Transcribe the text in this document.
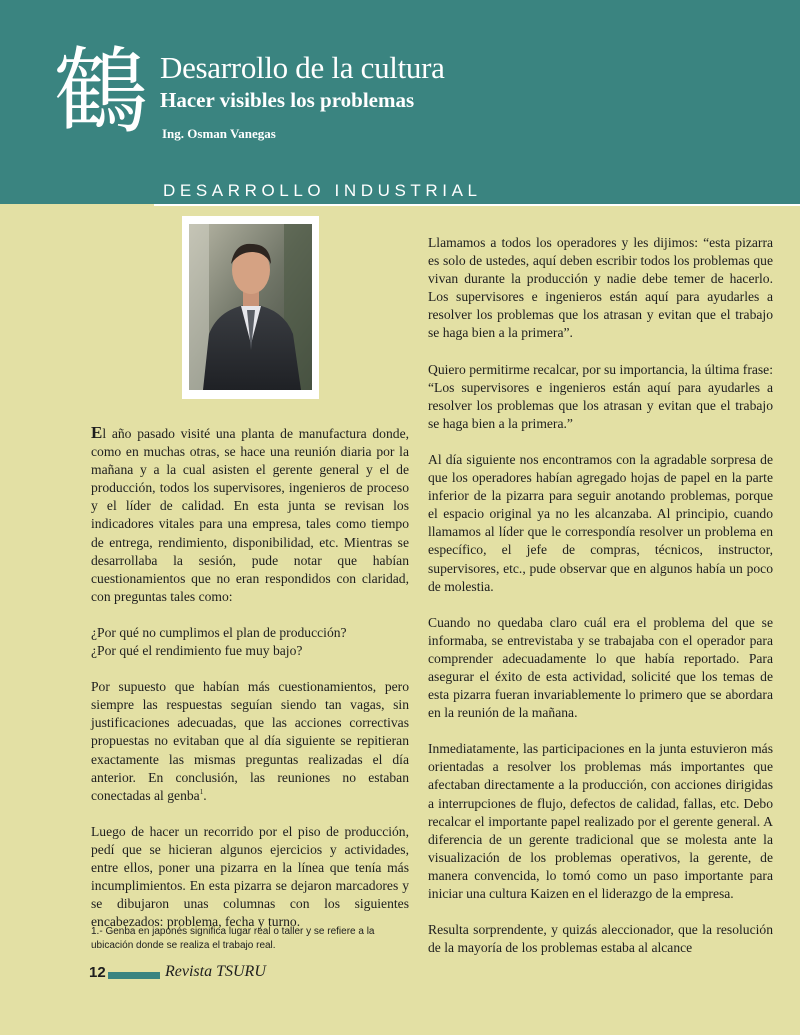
鶴 Desarrollo de la cultura
Hacer visibles los problemas
Ing. Osman Vanegas
DESARROLLO INDUSTRIAL

El año pasado visité una planta de manufactura donde, como en muchas otras, se hace una reunión diaria por la mañana y a la cual asisten el gerente general y el de producción, todos los supervisores, ingenieros de proceso y el líder de calidad. En esta junta se revisan los indicadores vitales para una empresa, tales como tiempo de entrega, rendimiento, disponibilidad, etc. Mientras se desarrollaba la sesión, pude notar que habían cuestionamientos que no eran respondidos con claridad, con preguntas tales como:

¿Por qué no cumplimos el plan de producción?
¿Por qué el rendimiento fue muy bajo?

Por supuesto que habían más cuestionamientos, pero siempre las respuestas seguían siendo tan vagas, sin justificaciones adecuadas, que las acciones correctivas propuestas no evitaban que al día siguiente se repitieran exactamente las mismas preguntas realizadas el día anterior. En conclusión, las reuniones no estaban conectadas al genba$^1$.

Luego de hacer un recorrido por el piso de producción, pedí que se hicieran algunos ejercicios y actividades, entre ellos, poner una pizarra en la línea que tenía más incumplimientos. En esta pizarra se dejaron marcadores y se dibujaron unas columnas con los siguientes encabezados: problema, fecha y turno.

1.- Genba en japonés significa lugar real o taller y se refiere a la ubicación donde se realiza el trabajo real.

Llamamos a todos los operadores y les dijimos: “esta pizarra es solo de ustedes, aquí deben escribir todos los problemas que vivan durante la producción y nadie debe temer de hacerlo. Los supervisores e ingenieros están aquí para ayudarles a resolver los problemas que los atrasan y evitan que el trabajo se haga bien a la primera”.

Quiero permitirme recalcar, por su importancia, la última frase: “Los supervisores e ingenieros están aquí para ayudarles a resolver los problemas que los atrasan y evitan que el trabajo se haga bien a la primera.”

Al día siguiente nos encontramos con la agradable sorpresa de que los operadores habían agregado hojas de papel en la parte inferior de la pizarra para seguir anotando problemas, porque el espacio original ya no les alcanzaba. Al principio, cuando llamamos al líder que le correspondía resolver un problema en específico, el jefe de compras, técnicos, instructor, supervisores, etc., pude observar que en algunos había un poco de molestia.

Cuando no quedaba claro cuál era el problema del que se informaba, se entrevistaba y se trabajaba con el operador para comprender adecuadamente lo que había reportado. Para asegurar el éxito de esta actividad, solicité que los temas de esta pizarra fueran invariablemente lo primero que se abordara en la reunión de la mañana.

Inmediatamente, las participaciones en la junta estuvieron más orientadas a resolver los problemas más importantes que afectaban directamente a la producción, con acciones dirigidas a interrupciones de flujo, defectos de calidad, fallas, etc. Debo recalcar el importante papel realizado por el gerente general. A diferencia de un gerente tradicional que se molesta ante la visualización de los problemas operativos, la gerente, de manera convencida, lo tomó como un paso importante para iniciar una cultura Kaizen en el liderazgo de la empresa.

Resulta sorprendente, y quizás aleccionador, que la resolución de la mayoría de los problemas estaba al alcance

12	Revista TSURU
